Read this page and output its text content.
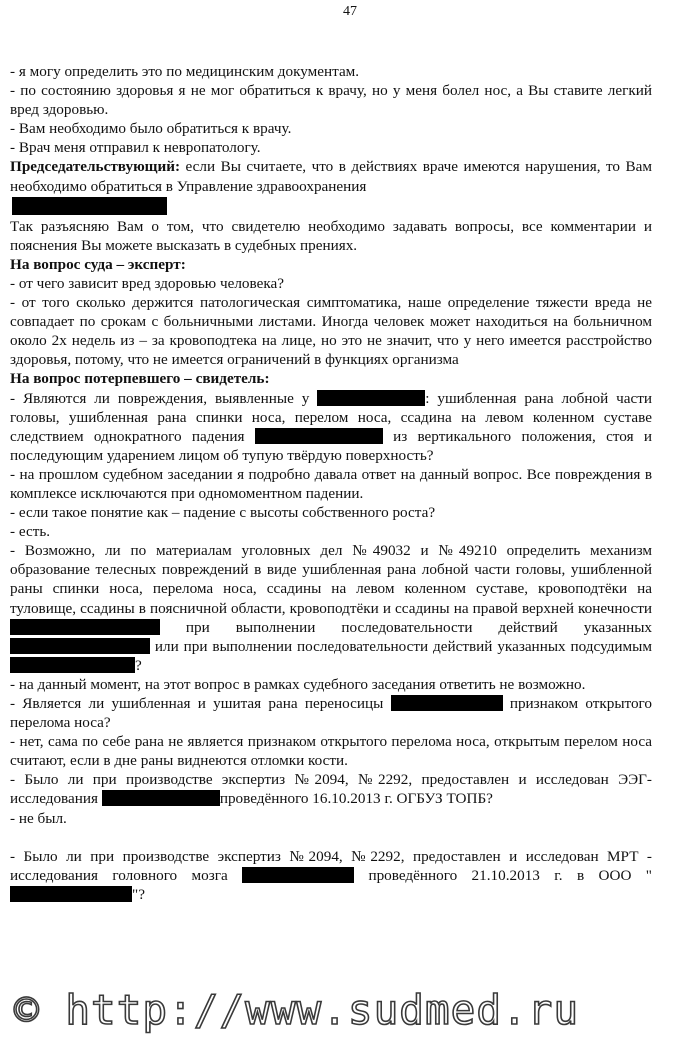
47

- я могу определить это по медицинским документам.

- по состоянию здоровья я не мог обратиться к врачу, но у меня болел нос, а Вы ставите легкий вред здоровью.

- Вам необходимо было обратиться к врачу.

- Врач меня отправил к невропатологу.

Председательствующий: если Вы считаете, что в действиях враче имеются нарушения, то Вам необходимо обратиться в Управление здравоохранения

Так разъясняю Вам о том, что свидетелю необходимо задавать вопросы, все комментарии и пояснения Вы можете высказать в судебных прениях.

На вопрос суда – эксперт:

- от чего зависит вред здоровью человека?

- от того сколько держится патологическая симптоматика, наше определение тяжести вреда не совпадает по срокам с больничными листами. Иногда человек может находиться на больничном около 2х недель из – за кровоподтека на лице, но это не значит, что у него имеется расстройство здоровья, потому, что не имеется ограничений в функциях организма

На вопрос потерпевшего – свидетель:

- Являются ли повреждения, выявленные у	: ушибленная рана лобной части головы, ушибленная рана спинки носа, перелом носа, ссадина на левом коленном суставе следствием однократного падения	из вертикального положения, стоя и последующим ударением лицом об тупую твёрдую поверхность?

- на прошлом судебном заседании я подробно давала ответ на данный вопрос. Все повреждения в комплексе исключаются при одномоментном падении.

- если такое понятие как – падение с высоты собственного роста?

- есть.

- Возможно, ли по материалам уголовных дел №49032 и №49210 определить механизм образование телесных повреждений в виде ушибленная рана лобной части головы, ушибленной раны спинки носа, перелома носа, ссадины на левом коленном суставе, кровоподтёки на туловище, ссадины в поясничной области, кровоподтёки и ссадины на правой верхней конечности  при выполнении последовательности действий указанных  или при выполнении последовательности действий указанных подсудимым ?

- на данный момент, на этот вопрос в рамках судебного заседания ответить не возможно.

- Является ли ушибленная и ушитая рана переносицы	признаком открытого перелома носа?

- нет, сама по себе рана не является признаком открытого перелома носа, открытым перелом носа считают, если в дне раны виднеются отломки кости.

- Было ли при производстве экспертиз №2094, №2292, предоставлен и исследован ЭЭГ- исследования	проведённого 16.10.2013 г. ОГБУЗ ТОПБ?

- не был.

- Было ли при производстве экспертиз №2094, №2292, предоставлен и исследован МРТ - исследования головного мозга	проведённого 21.10.2013 г. в ООО ""?

© http://www.sudmed.ru
